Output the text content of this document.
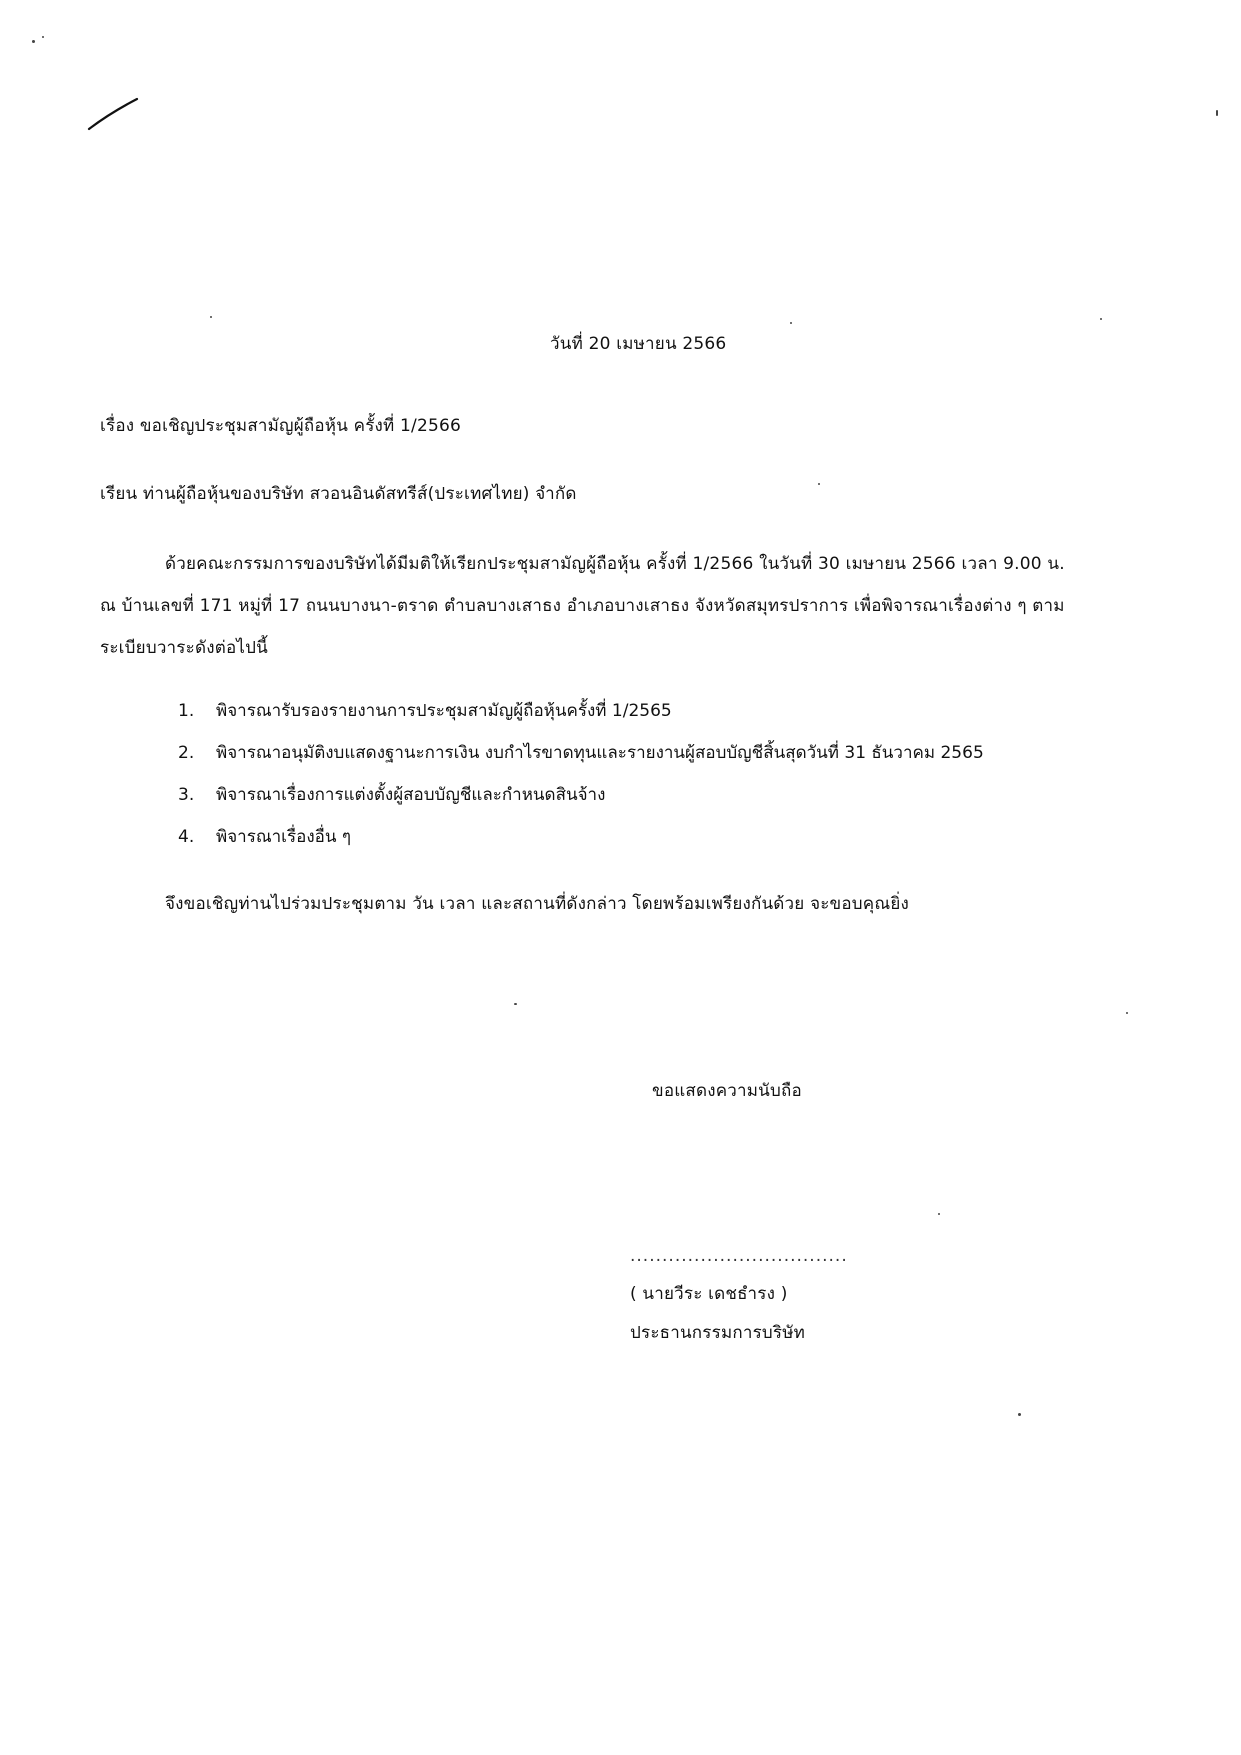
วันที่ 20 เมษายน 2566
เรื่อง ขอเชิญประชุมสามัญผู้ถือหุ้น ครั้งที่ 1/2566
เรียน ท่านผู้ถือหุ้นของบริษัท สวอนอินดัสทรีส์(ประเทศไทย) จำกัด
ด้วยคณะกรรมการของบริษัทได้มีมติให้เรียกประชุมสามัญผู้ถือหุ้น ครั้งที่ 1/2566 ในวันที่ 30 เมษายน 2566 เวลา 9.00 น.
ณ บ้านเลขที่ 171 หมู่ที่ 17 ถนนบางนา-ตราด ตำบลบางเสาธง อำเภอบางเสาธง จังหวัดสมุทรปราการ เพื่อพิจารณาเรื่องต่าง ๆ ตาม
ระเบียบวาระดังต่อไปนี้
1.	พิจารณารับรองรายงานการประชุมสามัญผู้ถือหุ้นครั้งที่ 1/2565
2.	พิจารณาอนุมัติงบแสดงฐานะการเงิน งบกำไรขาดทุนและรายงานผู้สอบบัญชีสิ้นสุดวันที่ 31 ธันวาคม 2565
3.	พิจารณาเรื่องการแต่งตั้งผู้สอบบัญชีและกำหนดสินจ้าง
4.	พิจารณาเรื่องอื่น ๆ
จึงขอเชิญท่านไปร่วมประชุมตาม วัน เวลา และสถานที่ดังกล่าว โดยพร้อมเพรียงกันด้วย จะขอบคุณยิ่ง
ขอแสดงความนับถือ
..................................
( นายวีระ เดชธำรง )
ประธานกรรมการบริษัท
